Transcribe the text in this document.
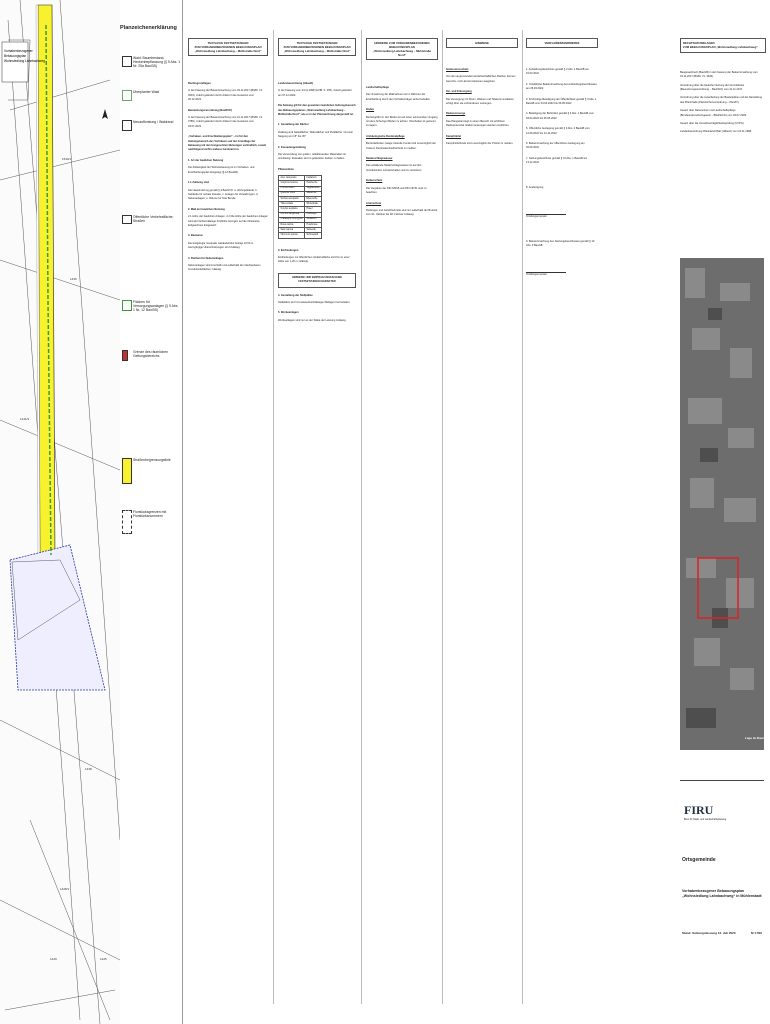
Vorhabenbezogener
Bebauungsplan
Wohnsiedlung Lahnbachweg
1540/1
1436
1441/3
1438
1428/1
1425
1429
Planzeichenerklärung
Wald: Baumbestand, Heckenbepflanzung (§ 9 Abs. 1 Nr. 25a BauGB)
Überplanter Wald
Neuaufforstung / Waldrand
Öffentliche Verkehrsfläche, Straßen
Flächen für Versorgungsanlagen (§ 9 Abs. 1 Nr. 12 BauGB)
Grenze des räumlichen Geltungsbereichs
Straßenbegrenzungslinie
Flurstücksgrenzen mit Flurstücksnummern
TEXTLICHE FESTSETZUNGEN
ZUM VORHABENBEZOGENEN BEBAUUNGSPLAN
„Wohnsiedlung Lahnbachweg – Mühlstraße Nord“
Rechtsgrundlagen

In der Fassung der Bekanntmachung vom 03.11.2017 (BGBl. I S. 3634), zuletzt geändert durch Artikel 3 des Gesetzes vom 20.12.2023.

Baunutzungsverordnung (BauNVO)

In der Fassung der Bekanntmachung vom 21.11.2017 (BGBl. I S. 3786), zuletzt geändert durch Artikel 2 des Gesetzes vom 03.07.2023.

„Vorhaben- und Erschließungsplan“ – Ist für den Geltungsbereich des Vorhabens auf der Grundlage der Bebauung mit den festgesetzten Nutzungen verbindlich, soweit nachfolgend nichts anderes bestimmt ist.

1. Art der baulichen Nutzung

Die Zulässigkeit der Wohnbebauung ist im Vorhaben- und Erschließungsplan festgelegt (§ 12 BauGB).

1.1 Zulässig sind

Die Hauptnutzung gemäß § 4 BauNVO: a. Wohngebäude; b. Gebäude für soziale Zwecke; c. Anlagen für Verwaltungen; d. Nebenanlagen; e. Räume für freie Berufe.

2. Maß der baulichen Nutzung

2.1 Höhe der baulichen Anlagen. 2.2 Die Höhe der baulichen Anlagen wird als höchstzulässige Firsthöhe bezogen auf die Oberkante Erdgeschoss festgesetzt.

3. Bauweise

Die festgelegte maximale Gebäudehöhe beträgt 10,50 m. Geringfügige Überschreitungen sind zulässig.

4. Flächen für Nebenanlagen

Nebenanlagen sind innerhalb und außerhalb der überbaubaren Grundstücksflächen zulässig.

TEXTLICHE FESTSETZUNGEN
ZUM VORHABENBEZOGENEN BEBAUUNGSPLAN
„Wohnsiedlung Lahnbachweg – Mühlstraße Nord“
Landesbauordnung (LBauO)

In der Fassung vom 24.11.1998 (GVBl. S. 365), zuletzt geändert am 07.12.2022.

Die Satzung gilt für den gesamten räumlichen Geltungsbereich des Bebauungsplanes „Wohnsiedlung Lahnbachweg – Mühlstraße Nord“, wie er in der Planzeichnung dargestellt ist.

1. Gestaltung der Dächer

Zulässig sind Satteldächer, Walmdächer und Pultdächer mit einer Neigung von 15° bis 45°.

2. Fassadengestaltung

Die Verwendung von grellen, reflektierenden Materialien ist unzulässig. Fassaden sind in gedeckten Farben zu halten.

Pflanzenliste
Acer campestre	Feldahorn
Carpinus betulus	Hainbuche
Prunus avium	Vogelkirsche
Quercus robur	Stieleiche
Sorbus aucuparia	Eberesche
Tilia cordata	Winterlinde
Corylus avellana	Hasel
Cornus sanguinea	Hartriegel
Crataegus monogyna	Weißdorn
Rosa canina	Hundsrose
Salix caprea	Salweide
Viburnum opulus	Schneeball
3. Einfriedungen

Einfriedungen zur öffentlichen Verkehrsfläche sind bis zu einer Höhe von 1,20 m zulässig.

HINWEISE UND EMPFEHLUNGEN OHNE FESTSETZUNGSCHARAKTER
4. Gestaltung der Stellplätze

Stellplätze sind mit wasserdurchlässigen Belägen herzustellen.

5. Werbeanlagen

Werbeanlagen sind nur an der Stätte der Leistung zulässig.

HINWEISE ZUM VORHABENBEZOGENEN BEBAUUNGSPLAN
„Wohnsiedlung Lahnbachweg – Mühlstraße Nord“
Landschaftspflege

Die Umsetzung der Maßnahmen ist im Rahmen der Erschließung durch den Vorhabenträger sicherzustellen.

Boden

Bei Eingriffen in den Boden ist auf einen schonenden Umgang mit dem Schutzgut Boden zu achten. Oberboden ist getrennt zu lagern.

Archäologische Denkmalpflege

Bei Erdarbeiten zutage tretende Funde sind unverzüglich der Unteren Denkmalschutzbehörde zu melden.

Niederschlagswasser

Das anfallende Niederschlagswasser ist auf den Grundstücken zurückzuhalten und zu versickern.

Bodenschutz

Die Vorgaben der DIN 18915 und DIN 19731 sind zu beachten.

Artenschutz

Rodungen und Gehölzschnitte sind nur außerhalb der Brutzeit vom 01. Oktober bis 28. Februar zulässig.

HINWEISE
Immissionsschutz

Von den angrenzenden landwirtschaftlichen Flächen können Geruchs- und Lärmimmissionen ausgehen.

Ver- und Entsorgung

Die Versorgung mit Strom, Wasser und Telekommunikation erfolgt über die vorhandenen Leitungen.

Radonvorsorge

Das Plangebiet liegt in einem Bereich mit erhöhtem Radonpotenzial. Radonmessungen werden empfohlen.

Kampfmittel

Kampfmittelfunde sind unverzüglich der Polizei zu melden.

VERFAHRENSVERMERKE

1. Aufstellungsbeschluss gemäß § 2 Abs. 1 BauGB am 15.03.2022

2. Ortsübliche Bekanntmachung des Aufstellungsbeschlusses am 25.03.2022

3. Frühzeitige Beteiligung der Öffentlichkeit gemäß § 3 Abs. 1 BauGB vom 04.04.2022 bis 06.05.2022

4. Beteiligung der Behörden gemäß § 4 Abs. 1 BauGB vom 04.04.2022 bis 06.05.2022

5. Öffentliche Auslegung gemäß § 3 Abs. 2 BauGB vom 12.09.2022 bis 14.10.2022

6. Bekanntmachung der öffentlichen Auslegung am 02.09.2022

7. Satzungsbeschluss gemäß § 10 Abs. 1 BauGB am 13.12.2022

8. Ausfertigung

Ortsbürgermeister

9. Bekanntmachung des Satzungsbeschlusses gemäß § 10 Abs. 3 BauGB

Ortsbürgermeister
RECHTSGRUNDLAGEN
ZUM BEBAUUNGSPLAN „Wohnsiedlung Lahnbachweg“

Baugesetzbuch (BauGB) in der Fassung der Bekanntmachung vom 03.11.2017 (BGBl. I S. 3634).

Verordnung über die bauliche Nutzung der Grundstücke (Baunutzungsverordnung – BauNVO) vom 21.11.2017.

Verordnung über die Ausarbeitung der Bauleitpläne und die Darstellung des Planinhalts (Planzeichenverordnung – PlanZV).

Gesetz über Naturschutz und Landschaftspflege (Bundesnaturschutzgesetz – BNatSchG) vom 29.07.2009.

Gesetz über die Umweltverträglichkeitsprüfung (UVPG).

Landesbauordnung Rheinland-Pfalz (LBauO) vom 24.11.1998.

Lage im Raum
FIRU
Büro für Stadt- und Landschaftsplanung
Ortsgemeinde
Vorhabenbezogener Bebauungsplan „Wohnsiedlung Lahnbachweg“ in Mühlenstadt
Stand: Satzungsfassung 12. Juli 2023	M 1:500
